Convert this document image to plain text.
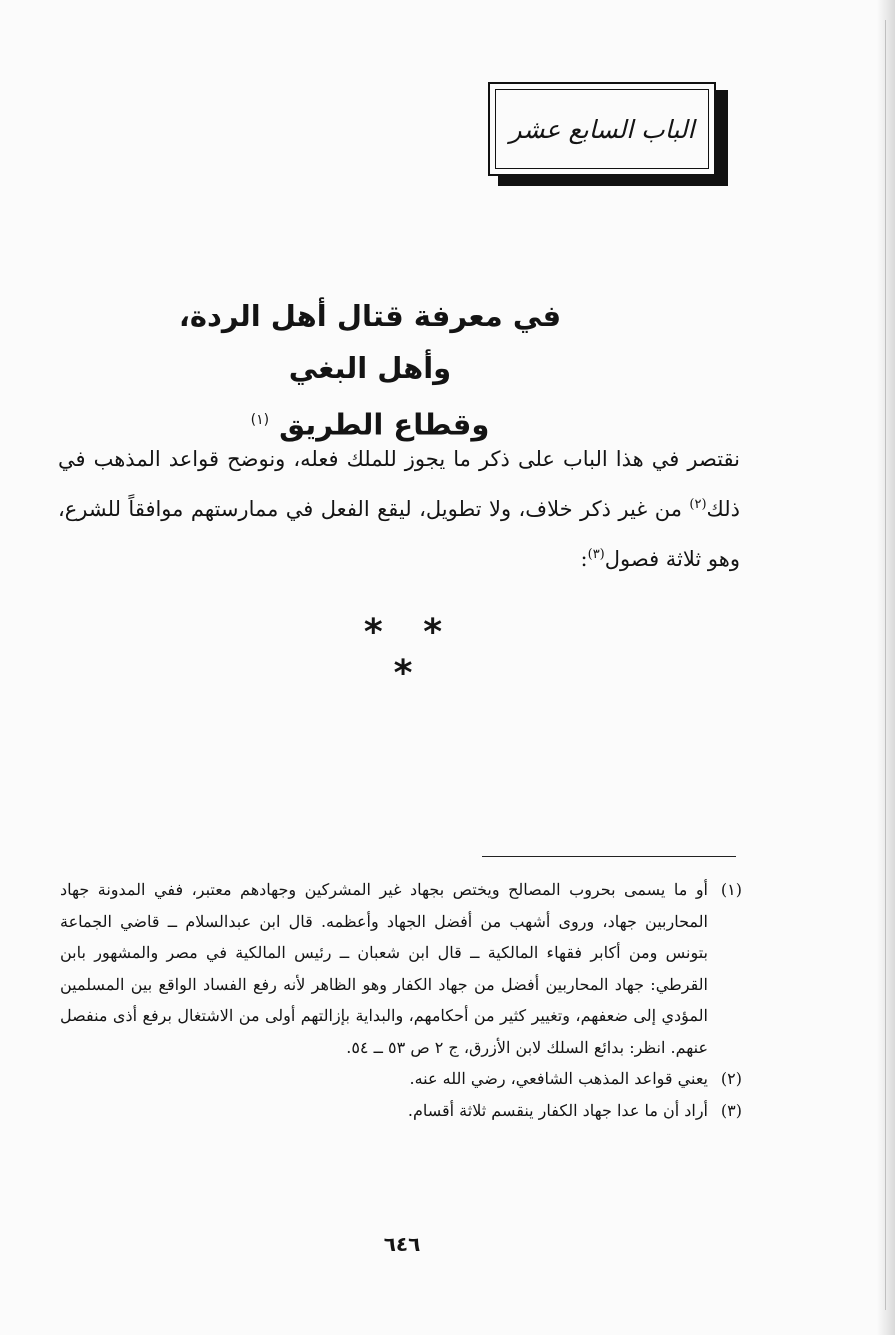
الباب السابع عشر
في معرفة قتال أهل الردة، وأهل البغي
وقطاع الطريق $^{(١)}$
نقتصر في هذا الباب على ذكر ما يجوز للملك فعله، ونوضح قواعد المذهب في ذلك$^{(٢)}$ من غير ذكر خلاف، ولا تطويل، ليقع الفعل في ممارستهم موافقاً للشرع، وهو ثلاثة فصول$^{(٣)}$:
* * *
(١)
أو ما يسمى بحروب المصالح ويختص بجهاد غير المشركين وجهادهم معتبر، ففي المدونة جهاد المحاربين جهاد، وروى أشهب من أفضل الجهاد وأعظمه. قال ابن عبدالسلام ــ قاضي الجماعة بتونس ومن أكابر فقهاء المالكية ــ قال ابن شعبان ــ رئيس المالكية في مصر والمشهور بابن القرطي: جهاد المحاربين أفضل من جهاد الكفار وهو الظاهر لأنه رفع الفساد الواقع بين المسلمين المؤدي إلى ضعفهم، وتغيير كثير من أحكامهم، والبداية بإزالتهم أولى من الاشتغال برفع أذى منفصل عنهم. انظر: بدائع السلك لابن الأزرق، ج ٢ ص ٥٣ ــ ٥٤.
(٢)
يعني قواعد المذهب الشافعي، رضي الله عنه.
(٣)
أراد أن ما عدا جهاد الكفار ينقسم ثلاثة أقسام.
٦٤٦
